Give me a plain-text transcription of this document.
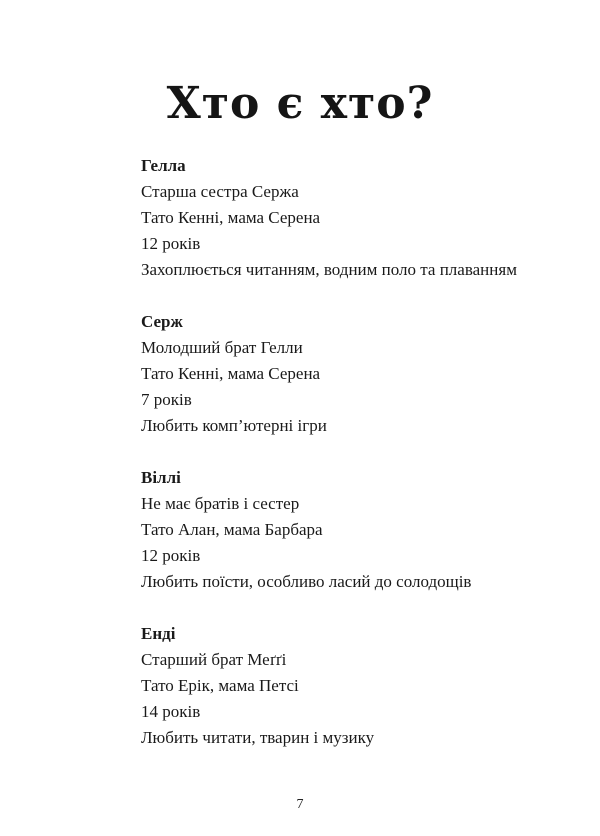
Хто є хто?
Гелла
Старша сестра Сержа
Тато Кенні, мама Серена
12 років
Захоплюється читанням, водним поло та плаванням
Серж
Молодший брат Гелли
Тато Кенні, мама Серена
7 років
Любить комп’ютерні ігри
Віллі
Не має братів і сестер
Тато Алан, мама Барбара
12 років
Любить поїсти, особливо ласий до солодощів
Енді
Старший брат Меґґі
Тато Ерік, мама Петсі
14 років
Любить читати, тварин і музику
7
